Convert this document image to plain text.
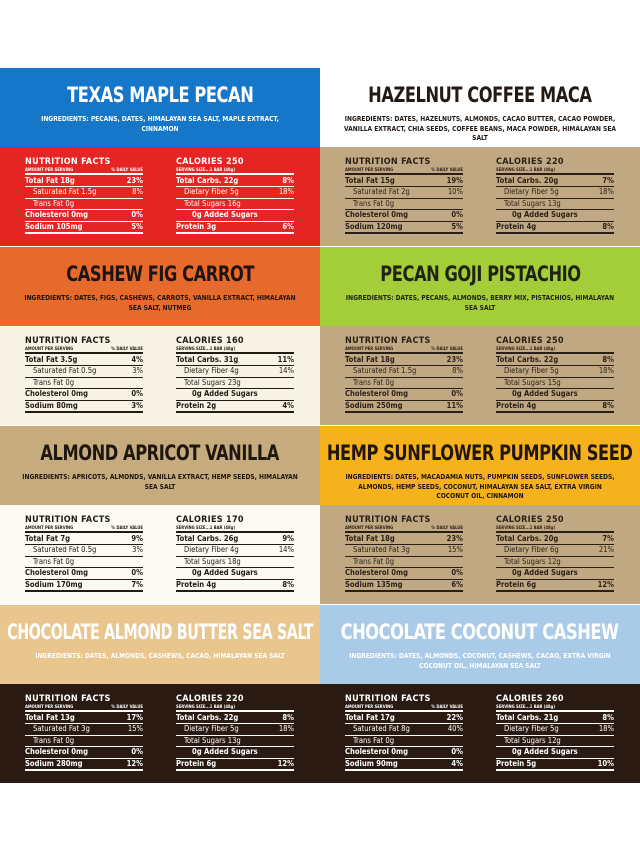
TEXAS MAPLE PECAN
INGREDIENTS: PECANS, DATES, HIMALAYAN SEA SALT, MAPLE EXTRACT, CINNAMON
NUTRITION FACTS
AMOUNT PER SERVING	% DAILY VALUE
Total Fat 18g	23%
Saturated Fat 1.5g	8%
Trans Fat 0g
Cholesterol 0mg	0%
Sodium 105mg	5%
CALORIES 250
SERVING SIZE...1 BAR (48g)
Total Carbs. 22g	8%
Dietary Fiber 5g	18%
Total Sugars 16g
0g Added Sugars
Protein 3g	6%
HAZELNUT COFFEE MACA
INGREDIENTS: DATES, HAZELNUTS, ALMONDS, CACAO BUTTER, CACAO POWDER, VANILLA EXTRACT, CHIA SEEDS, COFFEE BEANS, MACA POWDER, HIMALAYAN SEA SALT
NUTRITION FACTS
AMOUNT PER SERVING	% DAILY VALUE
Total Fat 15g	19%
Saturated Fat 2g	10%
Trans Fat 0g
Cholesterol 0mg	0%
Sodium 120mg	5%
CALORIES 220
SERVING SIZE...1 BAR (48g)
Total Carbs. 20g	7%
Dietary Fiber 5g	18%
Total Sugars 13g
0g Added Sugars
Protein 4g	8%
CASHEW FIG CARROT
INGREDIENTS: DATES, FIGS, CASHEWS, CARROTS, VANILLA EXTRACT, HIMALAYAN SEA SALT, NUTMEG
NUTRITION FACTS
AMOUNT PER SERVING	% DAILY VALUE
Total Fat 3.5g	4%
Saturated Fat 0.5g	3%
Trans Fat 0g
Cholesterol 0mg	0%
Sodium 80mg	3%
CALORIES 160
SERVING SIZE...1 BAR (48g)
Total Carbs. 31g	11%
Dietary Fiber 4g	14%
Total Sugars 23g
0g Added Sugars
Protein 2g	4%
PECAN GOJI PISTACHIO
INGREDIENTS: DATES, PECANS, ALMONDS, BERRY MIX, PISTACHIOS, HIMALAYAN SEA SALT
NUTRITION FACTS
AMOUNT PER SERVING	% DAILY VALUE
Total Fat 18g	23%
Saturated Fat 1.5g	8%
Trans Fat 0g
Cholesterol 0mg	0%
Sodium 250mg	11%
CALORIES 250
SERVING SIZE...1 BAR (48g)
Total Carbs. 22g	8%
Dietary Fiber 5g	18%
Total Sugars 15g
0g Added Sugars
Protein 4g	8%
ALMOND APRICOT VANILLA
INGREDIENTS: APRICOTS, ALMONDS, VANILLA EXTRACT, HEMP SEEDS, HIMALAYAN SEA SALT
NUTRITION FACTS
AMOUNT PER SERVING	% DAILY VALUE
Total Fat 7g	9%
Saturated Fat 0.5g	3%
Trans Fat 0g
Cholesterol 0mg	0%
Sodium 170mg	7%
CALORIES 170
SERVING SIZE...1 BAR (48g)
Total Carbs. 26g	9%
Dietary Fiber 4g	14%
Total Sugars 18g
0g Added Sugars
Protein 4g	8%
HEMP SUNFLOWER PUMPKIN SEED
INGREDIENTS: DATES, MACADAMIA NUTS, PUMPKIN SEEDS, SUNFLOWER SEEDS, ALMONDS, HEMP SEEDS, COCONUT, HIMALAYAN SEA SALT, EXTRA VIRGIN COCONUT OIL, CINNAMON
NUTRITION FACTS
AMOUNT PER SERVING	% DAILY VALUE
Total Fat 18g	23%
Saturated Fat 3g	15%
Trans Fat 0g
Cholesterol 0mg	0%
Sodium 135mg	6%
CALORIES 250
SERVING SIZE...1 BAR (48g)
Total Carbs. 20g	7%
Dietary Fiber 6g	21%
Total Sugars 12g
0g Added Sugars
Protein 6g	12%
CHOCOLATE ALMOND BUTTER SEA SALT
INGREDIENTS: DATES, ALMONDS, CASHEWS, CACAO, HIMALAYAN SEA SALT
NUTRITION FACTS
AMOUNT PER SERVING	% DAILY VALUE
Total Fat 13g	17%
Saturated Fat 3g	15%
Trans Fat 0g
Cholesterol 0mg	0%
Sodium 280mg	12%
CALORIES 220
SERVING SIZE...1 BAR (48g)
Total Carbs. 22g	8%
Dietary Fiber 5g	18%
Total Sugars 13g
0g Added Sugars
Protein 6g	12%
CHOCOLATE COCONUT CASHEW
INGREDIENTS: DATES, ALMONDS, COCONUT, CASHEWS, CACAO, EXTRA VIRGIN COCONUT OIL, HIMALAYAN SEA SALT
NUTRITION FACTS
AMOUNT PER SERVING	% DAILY VALUE
Total Fat 17g	22%
Saturated Fat 8g	40%
Trans Fat 0g
Cholesterol 0mg	0%
Sodium 90mg	4%
CALORIES 260
SERVING SIZE...1 BAR (48g)
Total Carbs. 21g	8%
Dietary Fiber 5g	18%
Total Sugars 12g
0g Added Sugars
Protein 5g	10%
